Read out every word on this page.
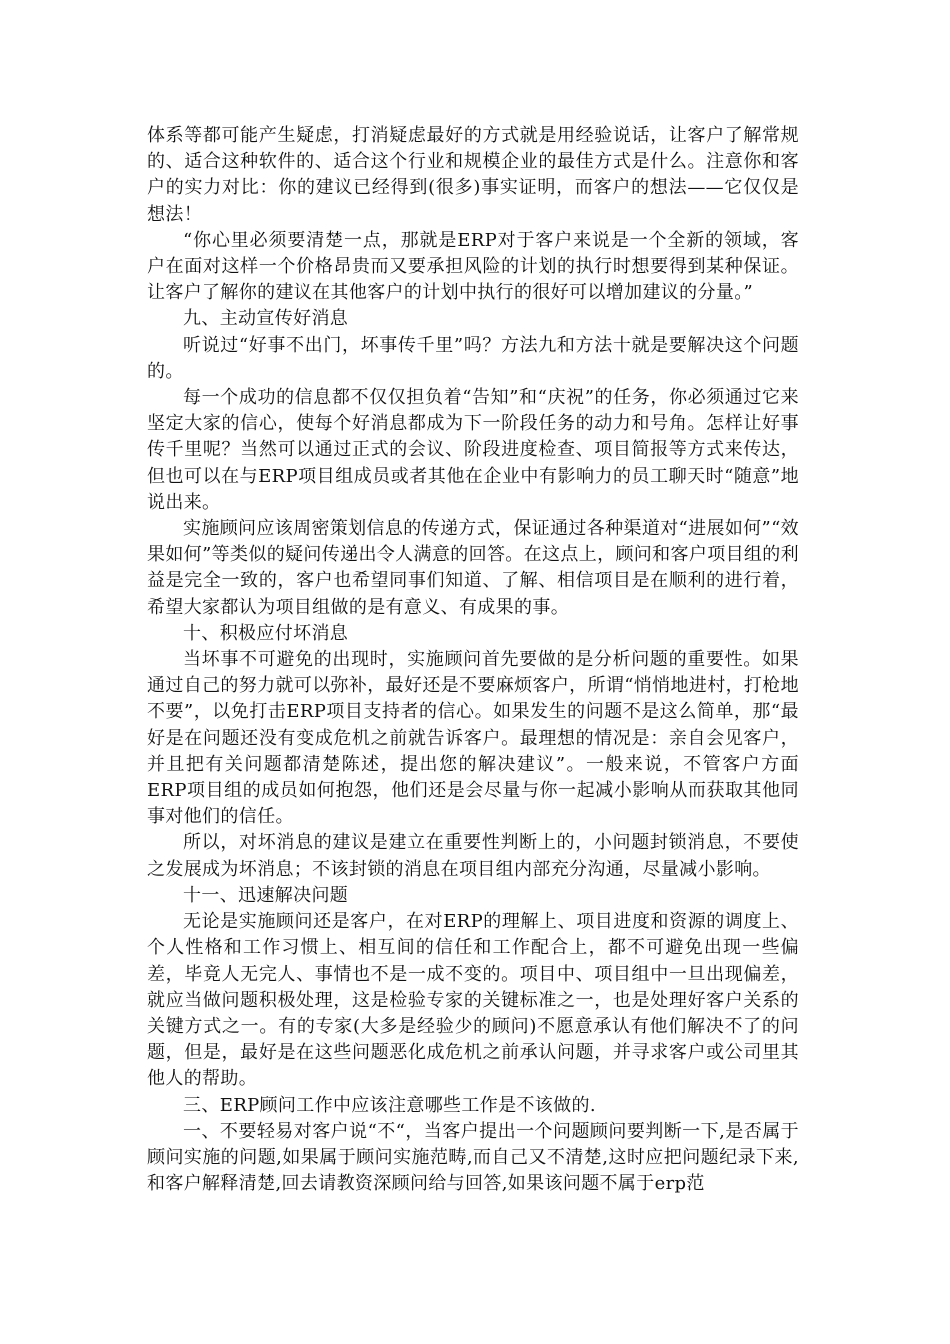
体系等都可能产生疑虑，打消疑虑最好的方式就是用经验说话，让客户了解常规的、适合这种软件的、适合这个行业和规模企业的最佳方式是什么。注意你和客户的实力对比：你的建议已经得到(很多)事实证明，而客户的想法——它仅仅是想法！

“你心里必须要清楚一点，那就是ERP对于客户来说是一个全新的领域，客户在面对这样一个价格昂贵而又要承担风险的计划的执行时想要得到某种保证。让客户了解你的建议在其他客户的计划中执行的很好可以增加建议的分量。”

九、主动宣传好消息

听说过“好事不出门，坏事传千里”吗？方法九和方法十就是要解决这个问题的。

每一个成功的信息都不仅仅担负着“告知”和“庆祝”的任务，你必须通过它来坚定大家的信心，使每个好消息都成为下一阶段任务的动力和号角。怎样让好事传千里呢？当然可以通过正式的会议、阶段进度检查、项目简报等方式来传达，但也可以在与ERP项目组成员或者其他在企业中有影响力的员工聊天时“随意”地说出来。

实施顾问应该周密策划信息的传递方式，保证通过各种渠道对“进展如何”“效果如何”等类似的疑问传递出令人满意的回答。在这点上，顾问和客户项目组的利益是完全一致的，客户也希望同事们知道、了解、相信项目是在顺利的进行着，希望大家都认为项目组做的是有意义、有成果的事。

十、积极应付坏消息

当坏事不可避免的出现时，实施顾问首先要做的是分析问题的重要性。如果通过自己的努力就可以弥补，最好还是不要麻烦客户，所谓“悄悄地进村，打枪地不要”，以免打击ERP项目支持者的信心。如果发生的问题不是这么简单，那“最好是在问题还没有变成危机之前就告诉客户。最理想的情况是：亲自会见客户，并且把有关问题都清楚陈述，提出您的解决建议”。一般来说，不管客户方面ERP项目组的成员如何抱怨，他们还是会尽量与你一起减小影响从而获取其他同事对他们的信任。

所以，对坏消息的建议是建立在重要性判断上的，小问题封锁消息，不要使之发展成为坏消息；不该封锁的消息在项目组内部充分沟通，尽量减小影响。

十一、迅速解决问题

无论是实施顾问还是客户，在对ERP的理解上、项目进度和资源的调度上、个人性格和工作习惯上、相互间的信任和工作配合上，都不可避免出现一些偏差，毕竟人无完人、事情也不是一成不变的。项目中、项目组中一旦出现偏差，就应当做问题积极处理，这是检验专家的关键标准之一，也是处理好客户关系的关键方式之一。有的专家(大多是经验少的顾问)不愿意承认有他们解决不了的问题，但是，最好是在这些问题恶化成危机之前承认问题，并寻求客户或公司里其他人的帮助。

三、ERP顾问工作中应该注意哪些工作是不该做的.

一、不要轻易对客户说“不“，当客户提出一个问题顾问要判断一下,是否属于顾问实施的问题,如果属于顾问实施范畴,而自己又不清楚,这时应把问题纪录下来,和客户解释清楚,回去请教资深顾问给与回答,如果该问题不属于erp范
